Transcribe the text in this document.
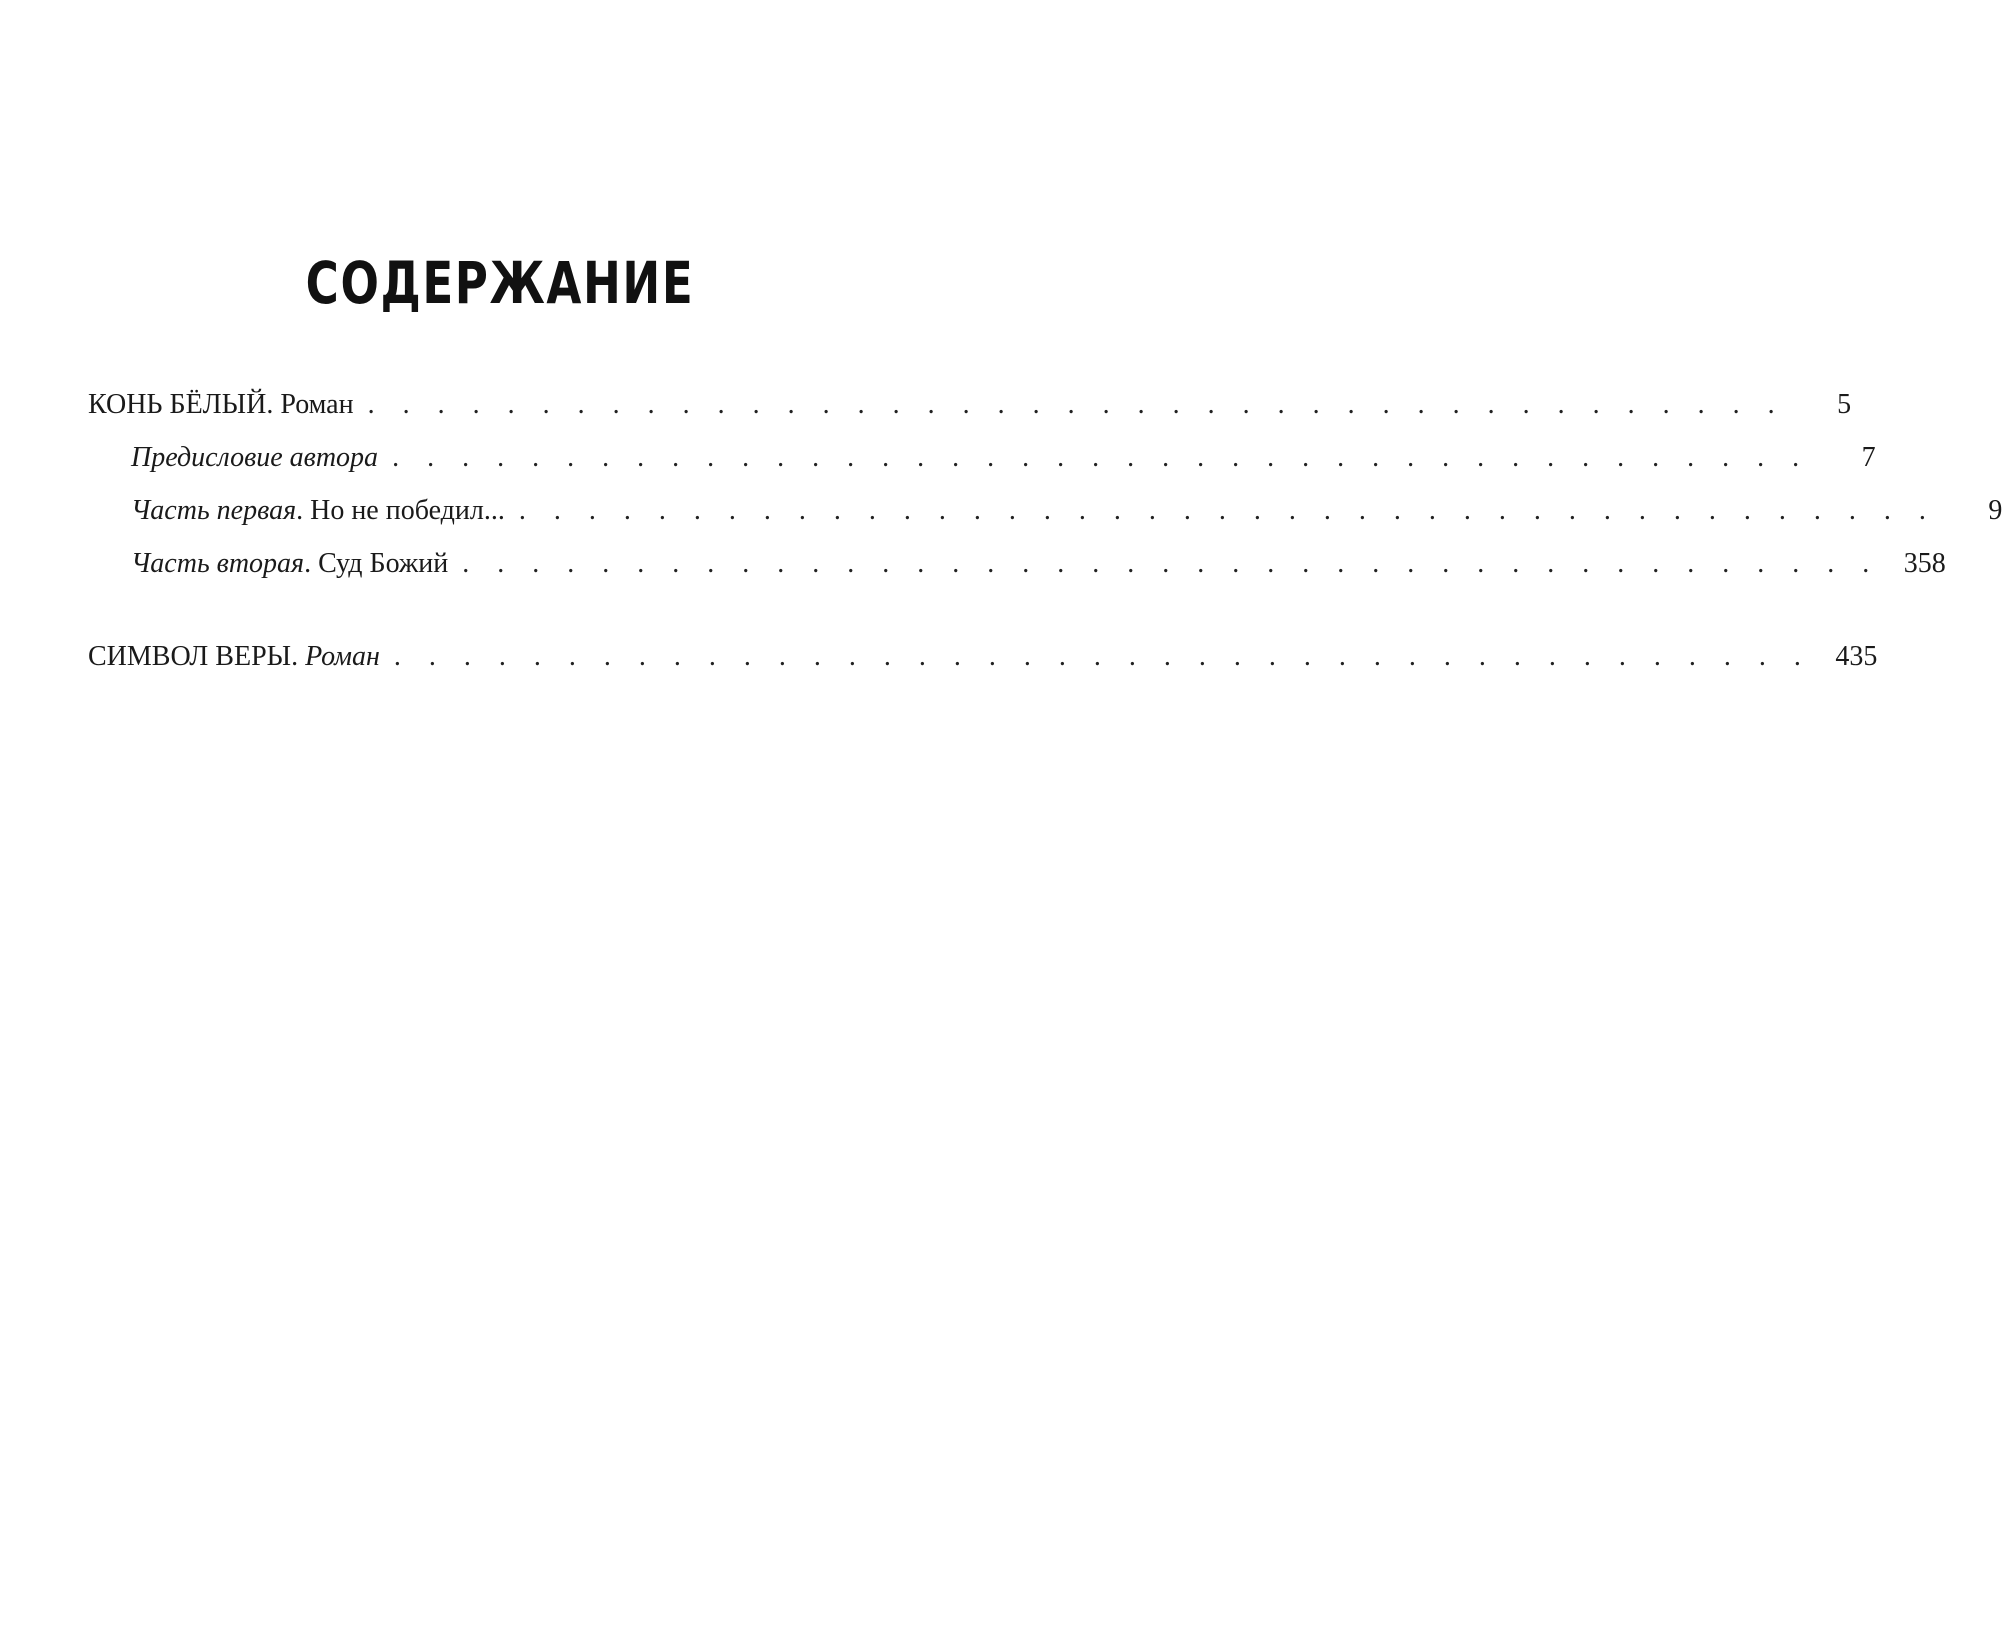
СОДЕРЖАНИЕ
КОНЬ БЁЛЫЙ. Роман . . . . . . . . . . . . . . . . . . . . . . . . . . . . . . . . . . . . . . . . .	5
Предисловие автора . . . . . . . . . . . . . . . . . . . . . . . . . . . . . . . . . . . . . . . . .	7
Часть первая. Но не победил... . . . . . . . . . . . . . . . . . . . . . . . . . . . . . . . . . . . . . . . . .	9
Часть вторая. Суд Божий . . . . . . . . . . . . . . . . . . . . . . . . . . . . . . . . . . . . . . . . . 358
СИМВОЛ ВЕРЫ. Роман . . . . . . . . . . . . . . . . . . . . . . . . . . . . . . . . . . . . . . . . . 435
